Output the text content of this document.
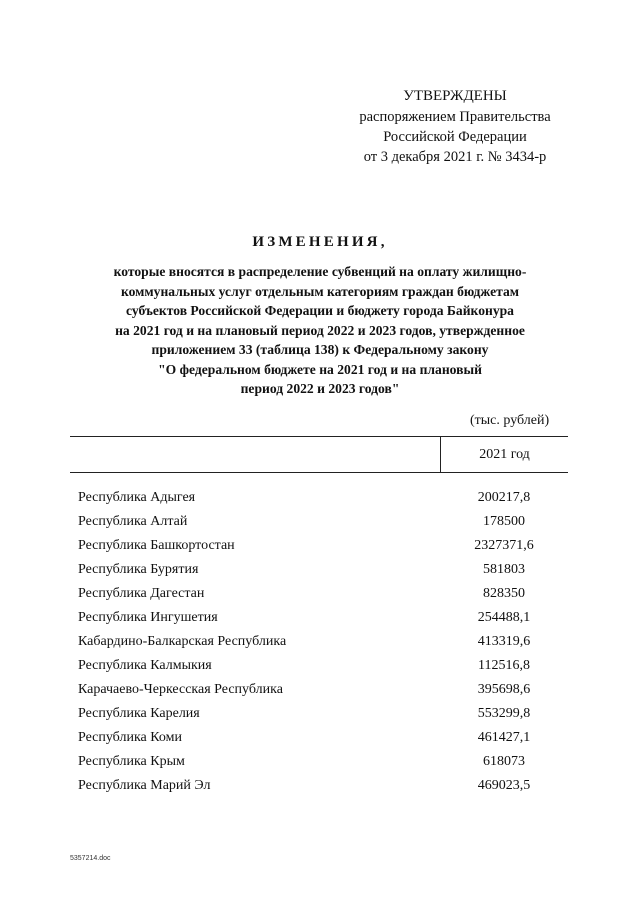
УТВЕРЖДЕНЫ
распоряжением Правительства
Российской Федерации
от 3 декабря 2021 г. № 3434-р
ИЗМЕНЕНИЯ,
которые вносятся в распределение субвенций на оплату жилищно-
коммунальных услуг отдельным категориям граждан бюджетам
субъектов Российской Федерации и бюджету города Байконура
на 2021 год и на плановый период 2022 и 2023 годов, утвержденное
приложением 33 (таблица 138) к Федеральному закону
"О федеральном бюджете на 2021 год и на плановый
период 2022 и 2023 годов"
(тыс. рублей)
2021 год
Республика Адыгея	200217,8
Республика Алтай	178500
Республика Башкортостан	2327371,6
Республика Бурятия	581803
Республика Дагестан	828350
Республика Ингушетия	254488,1
Кабардино-Балкарская Республика	413319,6
Республика Калмыкия	112516,8
Карачаево-Черкесская Республика	395698,6
Республика Карелия	553299,8
Республика Коми	461427,1
Республика Крым	618073
Республика Марий Эл	469023,5
5357214.doc
